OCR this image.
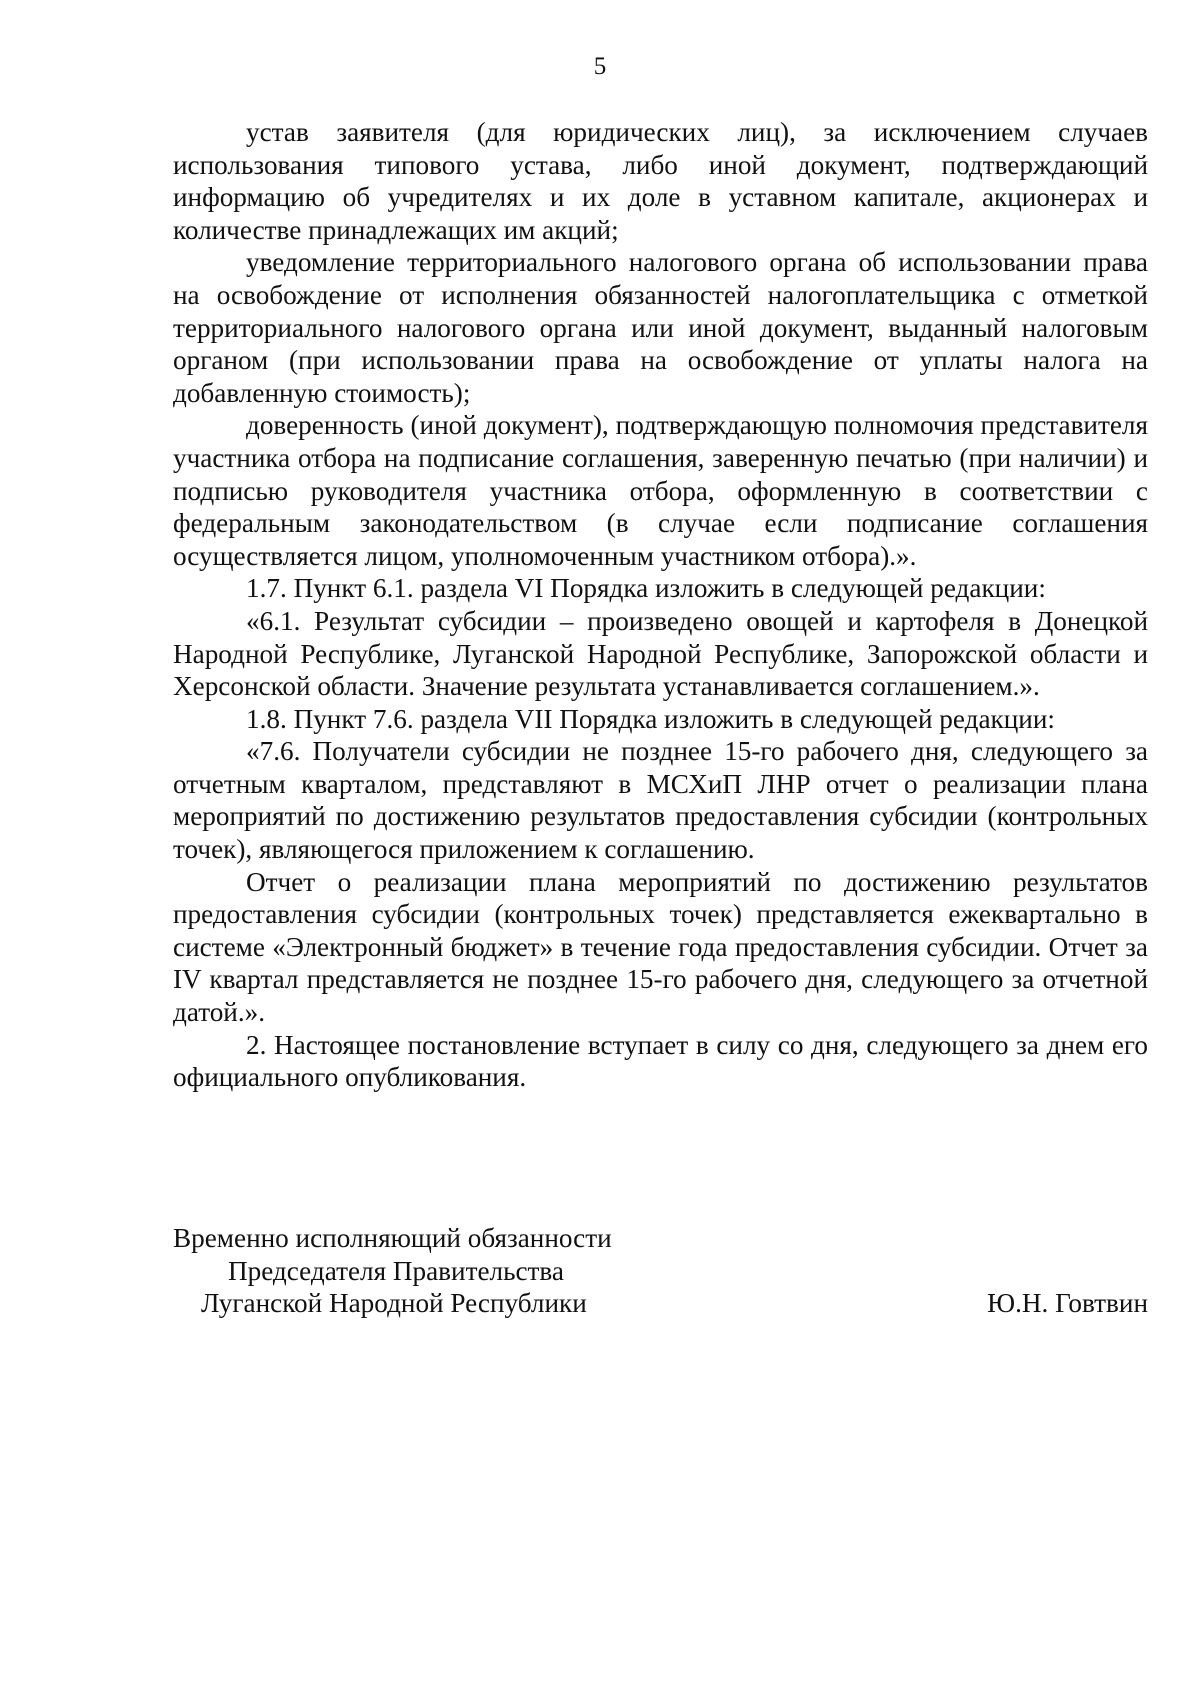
5

устав заявителя (для юридических лиц), за исключением случаев использования типового устава, либо иной документ, подтверждающий информацию об учредителях и их доле в уставном капитале, акционерах и количестве принадлежащих им акций;

уведомление территориального налогового органа об использовании права на освобождение от исполнения обязанностей налогоплательщика с отметкой территориального налогового органа или иной документ, выданный налоговым органом (при использовании права на освобождение от уплаты налога на добавленную стоимость);

доверенность (иной документ), подтверждающую полномочия представителя участника отбора на подписание соглашения, заверенную печатью (при наличии) и подписью руководителя участника отбора, оформленную в соответствии с федеральным законодательством (в случае если подписание соглашения осуществляется лицом, уполномоченным участником отбора).».

1.7. Пункт 6.1. раздела VI Порядка изложить в следующей редакции:

«6.1. Результат субсидии – произведено овощей и картофеля в Донецкой Народной Республике, Луганской Народной Республике, Запорожской области и Херсонской области. Значение результата устанавливается соглашением.».

1.8. Пункт 7.6. раздела VII Порядка изложить в следующей редакции:

«7.6. Получатели субсидии не позднее 15-го рабочего дня, следующего за отчетным кварталом, представляют в МСХиП ЛНР отчет о реализации плана мероприятий по достижению результатов предоставления субсидии (контрольных точек), являющегося приложением к соглашению.

Отчет о реализации плана мероприятий по достижению результатов предоставления субсидии (контрольных точек) представляется ежеквартально в системе «Электронный бюджет» в течение года предоставления субсидии. Отчет за IV квартал представляется не позднее 15-го рабочего дня, следующего за отчетной датой.».

2. Настоящее постановление вступает в силу со дня, следующего за днем его официального опубликования.

Временно исполняющий обязанности
Председателя Правительства
Луганской Народной Республики	Ю.Н. Говтвин
